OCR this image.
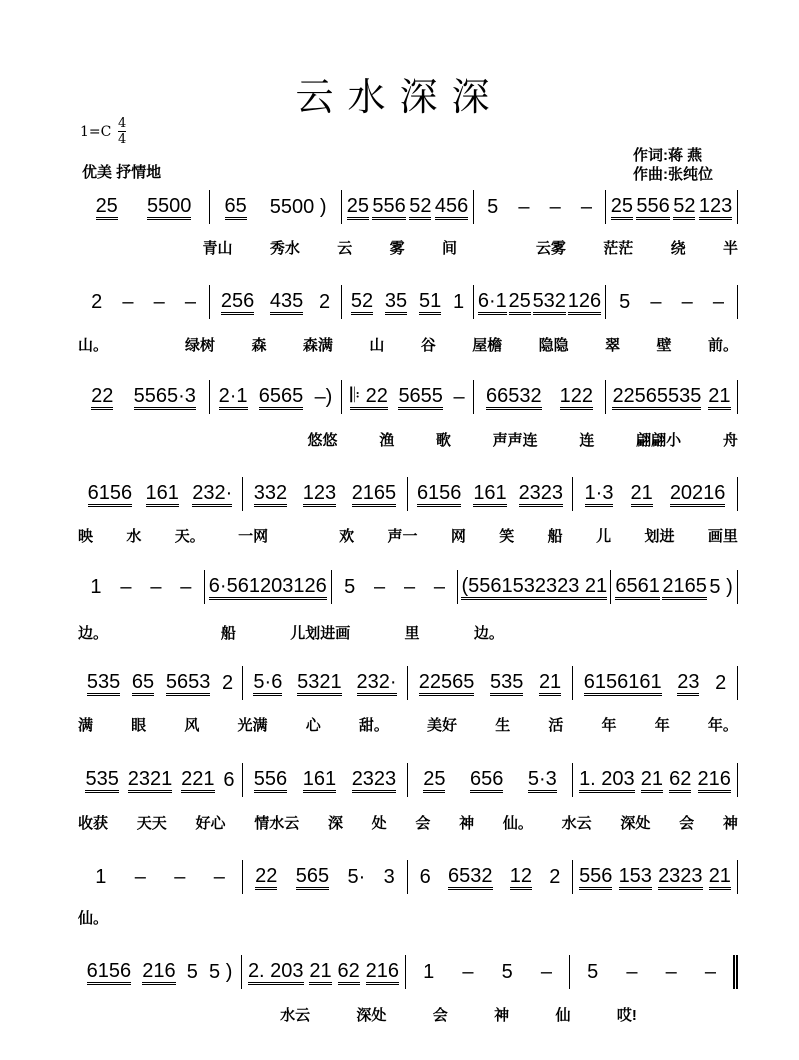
云水深深
1=C
4
4
优美 抒情地
作词:蒋 燕
作曲:张纯位
25 5500 65 5500 ) 25 556 52 456 5 – – – 25 556 52 123

青山 秀水 云 雾 间
	云雾 茫茫 绕 半
2 – – – 256 435 2 52 35 51 1 6·1 25 532 126 5 – – –
山。
	绿树 森 森满 山 谷 屋檐 隐隐 翠 壁 前。
22 5565·3 2·1 6565 –) 𝄆 22 5655 – 66532 122 22565535 21

悠悠	渔	歌	声声连	连	翩翩小	舟
6156 161 232· 332 123 2165 6156 161 2323 1·3 21 20216
映 水 天。 一网
	欢 声一 网 笑 船 儿 划进 画里
1 – – – 6·561203126 5 – – – (5561532323 21 6561 2165 5 )
边。
	船	儿划进画	里	边。

535 65 5653 2 5·6 5321 232· 22565 535 21 6156161 23 2
满	眼	风	光满	心	甜。	美好	生	活	年	年	年。
535 2321 221 6 556 161 2323 25 656 5·3 1. 203 21 62 216
收获 天天 好心 情水云 深 处 会 神 仙。 水云 深处 会 神
1 – – – 22 565 5· 3 6 6532 12 2 556 153 2323 21
仙。

6156 216 5 5 ) 2. 203 21 62 216 1 – 5 – 5 – – –

水云	深处	会	神	仙	哎!
